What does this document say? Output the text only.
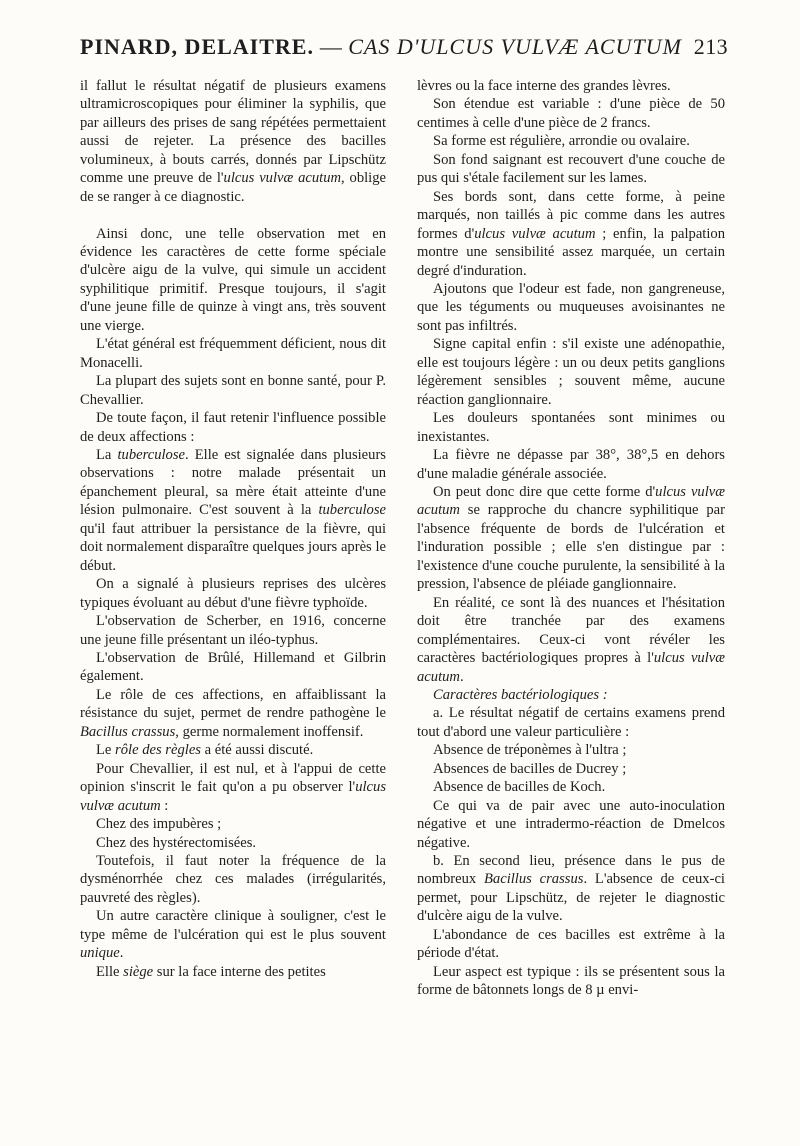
PINARD, DELAITRE. — CAS D'ULCUS VULVÆ ACUTUM 213

il fallut le résultat négatif de plusieurs examens ultramicroscopiques pour éliminer la syphilis, que par ailleurs des prises de sang répétées permettaient aussi de rejeter. La présence des bacilles volumineux, à bouts carrés, donnés par Lipschütz comme une preuve de l'ulcus vulvæ acutum, oblige de se ranger à ce diagnostic.

Ainsi donc, une telle observation met en évidence les caractères de cette forme spéciale d'ulcère aigu de la vulve, qui simule un accident syphilitique primitif. Presque toujours, il s'agit d'une jeune fille de quinze à vingt ans, très souvent une vierge.

L'état général est fréquemment déficient, nous dit Monacelli.

La plupart des sujets sont en bonne santé, pour P. Chevallier.

De toute façon, il faut retenir l'influence possible de deux affections :

La tuberculose. Elle est signalée dans plusieurs observations : notre malade présentait un épanchement pleural, sa mère était atteinte d'une lésion pulmonaire. C'est souvent à la tuberculose qu'il faut attribuer la persistance de la fièvre, qui doit normalement disparaître quelques jours après le début.

On a signalé à plusieurs reprises des ulcères typiques évoluant au début d'une fièvre typhoïde.

L'observation de Scherber, en 1916, concerne une jeune fille présentant un iléo-typhus.

L'observation de Brûlé, Hillemand et Gilbrin également.

Le rôle de ces affections, en affaiblissant la résistance du sujet, permet de rendre pathogène le Bacillus crassus, germe normalement inoffensif.

Le rôle des règles a été aussi discuté.

Pour Chevallier, il est nul, et à l'appui de cette opinion s'inscrit le fait qu'on a pu observer l'ulcus vulvæ acutum :

Chez des impubères ;

Chez des hystérectomisées.

Toutefois, il faut noter la fréquence de la dysménorrhée chez ces malades (irrégularités, pauvreté des règles).

Un autre caractère clinique à souligner, c'est le type même de l'ulcération qui est le plus souvent unique.

Elle siège sur la face interne des petites

lèvres ou la face interne des grandes lèvres.

Son étendue est variable : d'une pièce de 50 centimes à celle d'une pièce de 2 francs.

Sa forme est régulière, arrondie ou ovalaire.

Son fond saignant est recouvert d'une couche de pus qui s'étale facilement sur les lames.

Ses bords sont, dans cette forme, à peine marqués, non taillés à pic comme dans les autres formes d'ulcus vulvæ acutum ; enfin, la palpation montre une sensibilité assez marquée, un certain degré d'induration.

Ajoutons que l'odeur est fade, non gangreneuse, que les téguments ou muqueuses avoisinantes ne sont pas infiltrés.

Signe capital enfin : s'il existe une adénopathie, elle est toujours légère : un ou deux petits ganglions légèrement sensibles ; souvent même, aucune réaction ganglionnaire.

Les douleurs spontanées sont minimes ou inexistantes.

La fièvre ne dépasse par 38°, 38°,5 en dehors d'une maladie générale associée.

On peut donc dire que cette forme d'ulcus vulvæ acutum se rapproche du chancre syphilitique par l'absence fréquente de bords de l'ulcération et l'induration possible ; elle s'en distingue par : l'existence d'une couche purulente, la sensibilité à la pression, l'absence de pléiade ganglionnaire.

En réalité, ce sont là des nuances et l'hésitation doit être tranchée par des examens complémentaires. Ceux-ci vont révéler les caractères bactériologiques propres à l'ulcus vulvæ acutum.

Caractères bactériologiques :

a. Le résultat négatif de certains examens prend tout d'abord une valeur particulière :

Absence de tréponèmes à l'ultra ;

Absences de bacilles de Ducrey ;

Absence de bacilles de Koch.

Ce qui va de pair avec une auto-inoculation négative et une intradermo-réaction de Dmelcos négative.

b. En second lieu, présence dans le pus de nombreux Bacillus crassus. L'absence de ceux-ci permet, pour Lipschütz, de rejeter le diagnostic d'ulcère aigu de la vulve.

L'abondance de ces bacilles est extrême à la période d'état.

Leur aspect est typique : ils se présentent sous la forme de bâtonnets longs de 8 µ envi-
